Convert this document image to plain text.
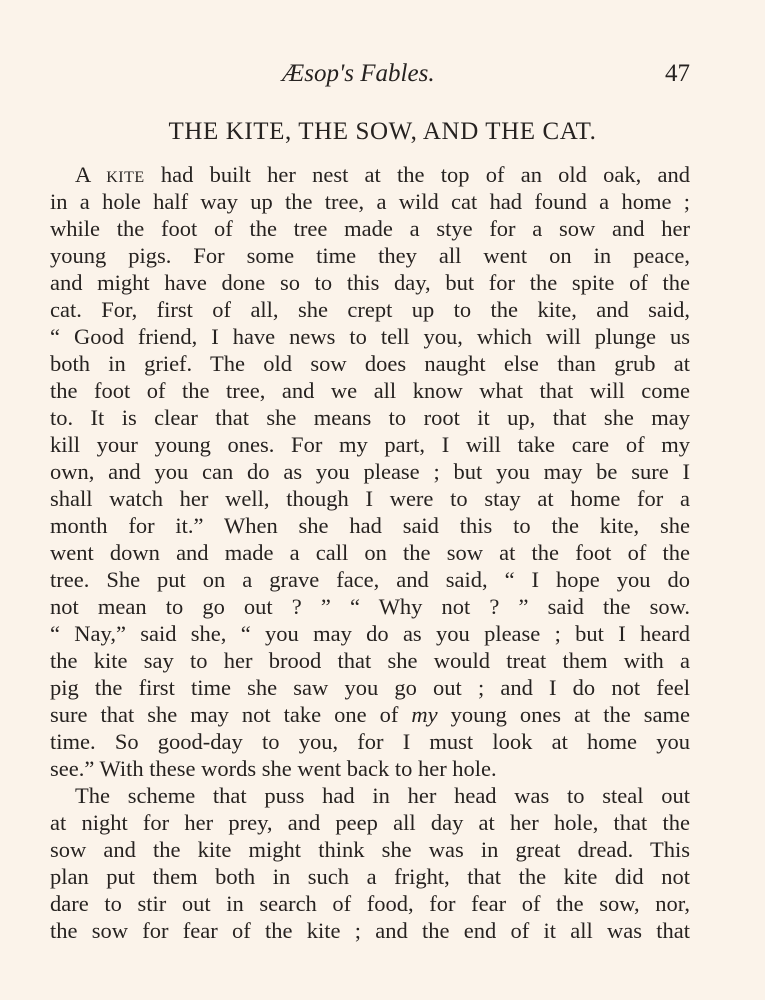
Æsop's Fables.	47
THE KITE, THE SOW, AND THE CAT.
A kite had built her nest at the top of an old oak, and
in a hole half way up the tree, a wild cat had found a home ;
while the foot of the tree made a stye for a sow and her
young pigs. For some time they all went on in peace,
and might have done so to this day, but for the spite of the
cat. For, first of all, she crept up to the kite, and said,
“ Good friend, I have news to tell you, which will plunge us
both in grief. The old sow does naught else than grub at
the foot of the tree, and we all know what that will come
to. It is clear that she means to root it up, that she may
kill your young ones. For my part, I will take care of my
own, and you can do as you please ; but you may be sure I
shall watch her well, though I were to stay at home for a
month for it.” When she had said this to the kite, she
went down and made a call on the sow at the foot of the
tree. She put on a grave face, and said, “ I hope you do
not mean to go out ? ” “ Why not ? ” said the sow.
“ Nay,” said she, “ you may do as you please ; but I heard
the kite say to her brood that she would treat them with a
pig the first time she saw you go out ; and I do not feel
sure that she may not take one of my young ones at the same
time. So good-day to you, for I must look at home you
see.” With these words she went back to her hole.
The scheme that puss had in her head was to steal out
at night for her prey, and peep all day at her hole, that the
sow and the kite might think she was in great dread. This
plan put them both in such a fright, that the kite did not
dare to stir out in search of food, for fear of the sow, nor,
the sow for fear of the kite ; and the end of it all was that
